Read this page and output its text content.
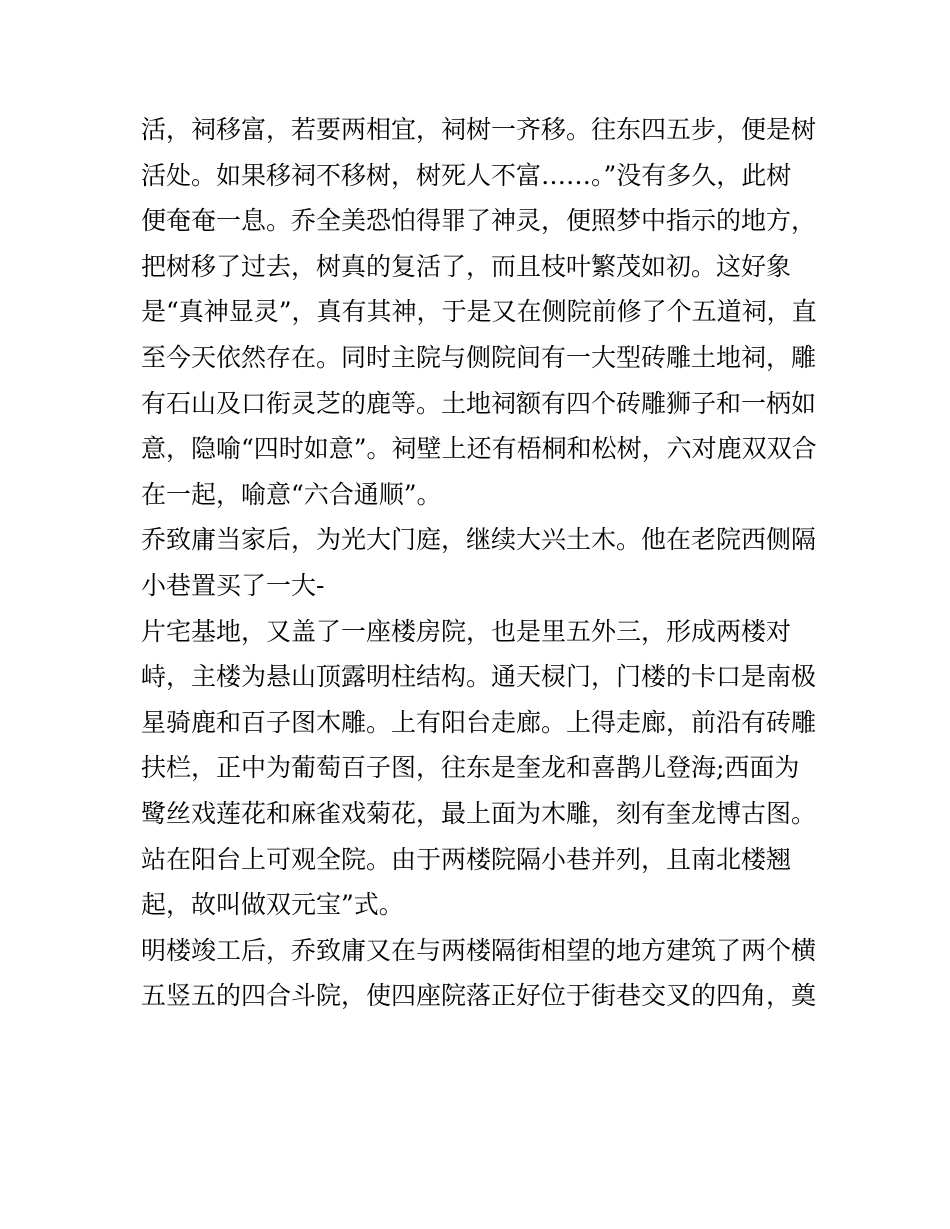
活，祠移富，若要两相宜，祠树一齐移。往东四五步，便是树
活处。如果移祠不移树，树死人不富……。”没有多久，此树
便奄奄一息。乔全美恐怕得罪了神灵，便照梦中指示的地方，
把树移了过去，树真的复活了，而且枝叶繁茂如初。这好象
是“真神显灵”，真有其神，于是又在侧院前修了个五道祠，直
至今天依然存在。同时主院与侧院间有一大型砖雕土地祠，雕
有石山及口衔灵芝的鹿等。土地祠额有四个砖雕狮子和一柄如
意，隐喻“四时如意”。祠壁上还有梧桐和松树，六对鹿双双合
在一起，喻意“六合通顺”。
乔致庸当家后，为光大门庭，继续大兴土木。他在老院西侧隔
小巷置买了一大-
片宅基地，又盖了一座楼房院，也是里五外三，形成两楼对
峙，主楼为悬山顶露明柱结构。通天棂门，门楼的卡口是南极
星骑鹿和百子图木雕。上有阳台走廊。上得走廊，前沿有砖雕
扶栏，正中为葡萄百子图，往东是奎龙和喜鹊儿登海;西面为
鹭丝戏莲花和麻雀戏菊花，最上面为木雕，刻有奎龙博古图。
站在阳台上可观全院。由于两楼院隔小巷并列，且南北楼翘
起，故叫做双元宝”式。
明楼竣工后，乔致庸又在与两楼隔街相望的地方建筑了两个横
五竖五的四合斗院，使四座院落正好位于街巷交叉的四角，奠
